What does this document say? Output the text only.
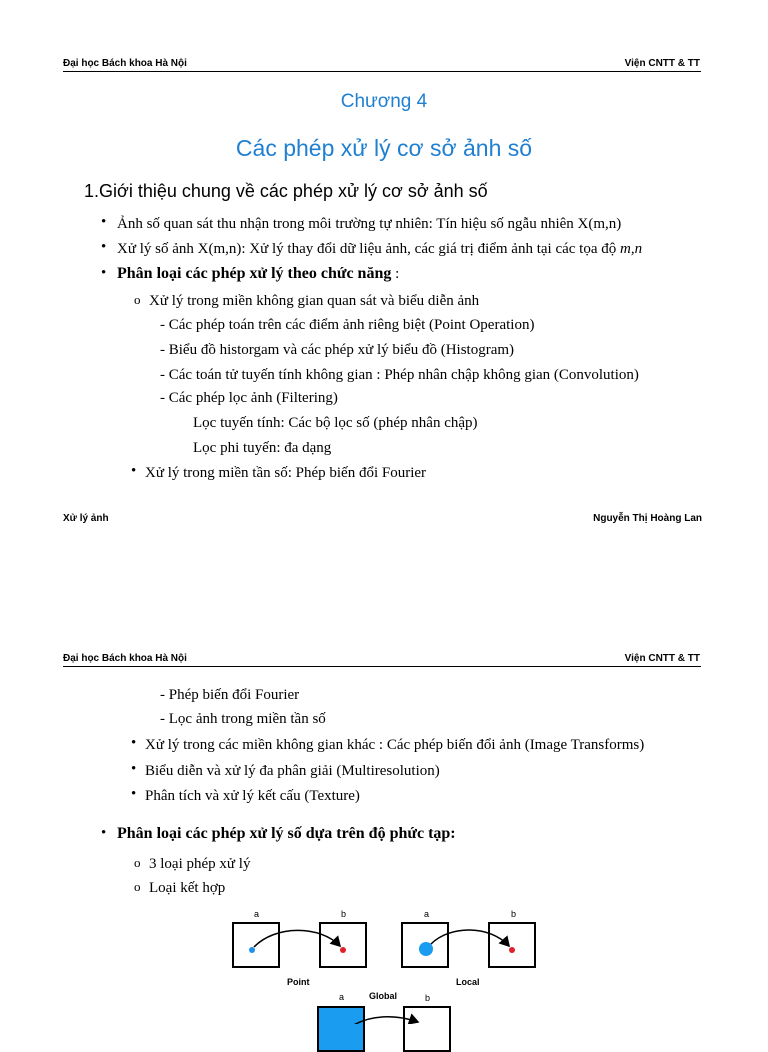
Đại học Bách khoa Hà Nội	Viện CNTT & TT
Chương 4
Các phép xử lý cơ sở ảnh số
1.Giới thiệu chung về các phép xử lý cơ sở ảnh số
• Ảnh số quan sát thu nhận trong môi trường tự nhiên: Tín hiệu số ngẫu nhiên X(m,n)
• Xử lý số ảnh X(m,n): Xử lý thay đổi dữ liệu ảnh, các giá trị điểm ảnh tại các tọa độ m,n
• Phân loại các phép xử lý theo chức năng :
o Xử lý trong miền không gian quan sát và biểu diễn ảnh
- Các phép toán trên các điểm ảnh riêng biệt (Point Operation)
- Biểu đồ historgam và các phép xử lý biểu đồ (Histogram)
- Các toán tử tuyến tính không gian : Phép nhân chập không gian (Convolution)
- Các phép lọc ảnh (Filtering)
Lọc tuyến tính: Các bộ lọc số (phép nhân chập)
Lọc phi tuyến: đa dạng
• Xử lý trong miền tần số: Phép biến đổi Fourier
Xử lý ảnh	Nguyễn Thị Hoàng Lan
Đại học Bách khoa Hà Nội	Viện CNTT & TT
- Phép biến đổi Fourier
- Lọc ảnh trong miền tần số
• Xử lý trong các miền không gian khác : Các phép biến đổi ảnh (Image Transforms)
• Biểu diễn và xử lý đa phân giải (Multiresolution)
• Phân tích và xử lý kết cấu (Texture)
• Phân loại các phép xử lý số dựa trên độ phức tạp:
o 3 loại phép xử lý
o Loại kết hợp
a	b
Point
a	b
Local
a	Global	b
